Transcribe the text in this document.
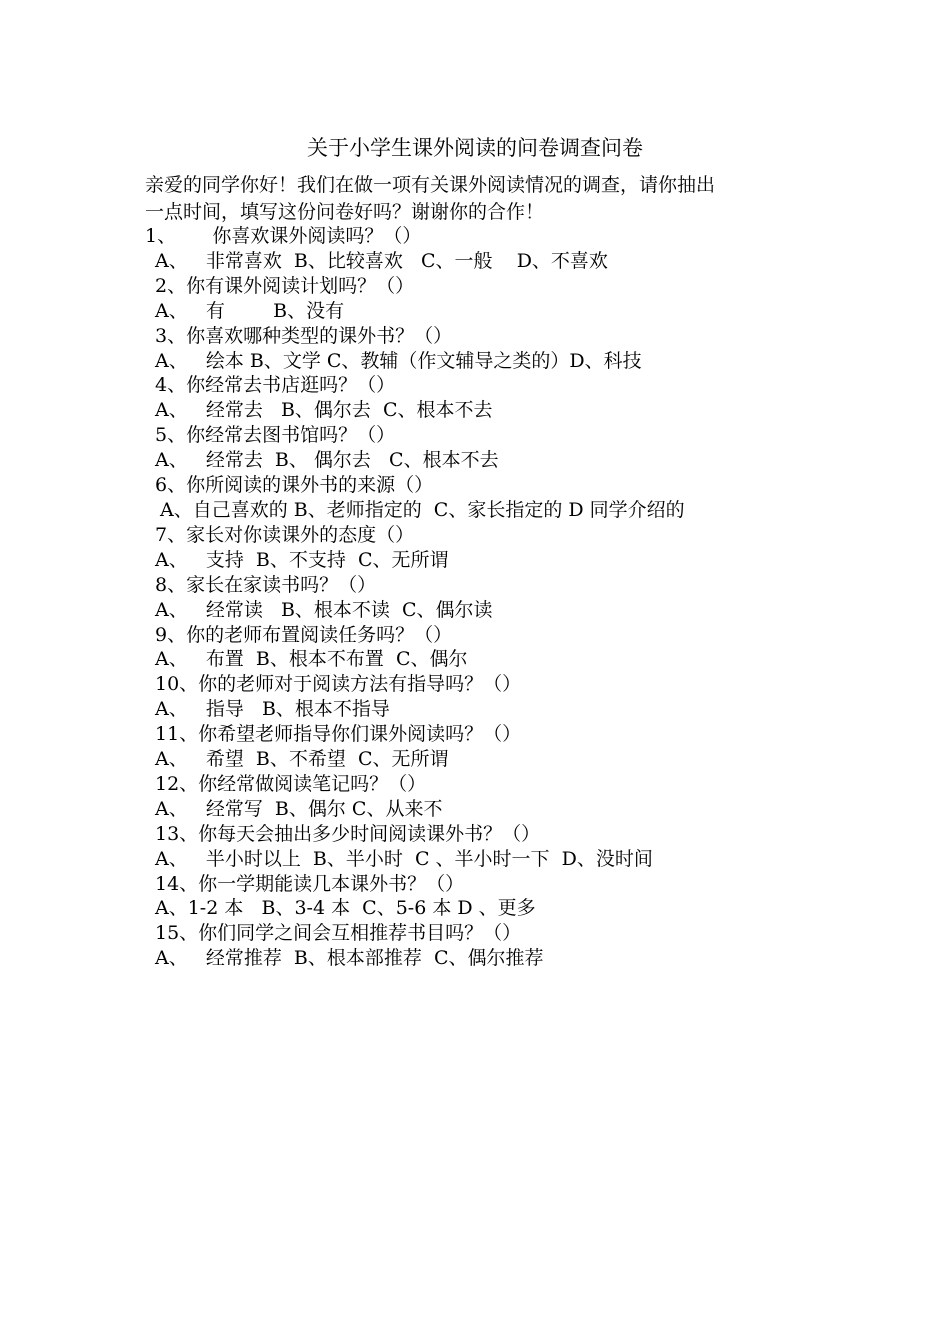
关于小学生课外阅读的问卷调查问卷
亲爱的同学你好！我们在做一项有关课外阅读情况的调查，请你抽出
一点时间，填写这份问卷好吗？谢谢你的合作！
1、      你喜欢课外阅读吗？（）
A、   非常喜欢  B、比较喜欢   C、一般    D、不喜欢
2、你有课外阅读计划吗？（）
A、   有        B、没有
3、你喜欢哪种类型的课外书？（）
A、   绘本 B、文学 C、教辅（作文辅导之类的）D、科技
4、你经常去书店逛吗？（）
A、   经常去   B、偶尔去  C、根本不去
5、你经常去图书馆吗？（）
A、   经常去  B、 偶尔去   C、根本不去
6、你所阅读的课外书的来源（）
A、自己喜欢的 B、老师指定的  C、家长指定的 D 同学介绍的
7、家长对你读课外的态度（）
A、   支持  B、不支持  C、无所谓
8、家长在家读书吗？（）
A、   经常读   B、根本不读  C、偶尔读
9、你的老师布置阅读任务吗？（）
A、   布置  B、根本不布置  C、偶尔
10、你的老师对于阅读方法有指导吗？（）
A、   指导   B、根本不指导
11、你希望老师指导你们课外阅读吗？（）
A、   希望  B、不希望  C、无所谓
12、你经常做阅读笔记吗？（）
A、   经常写  B、偶尔 C、从来不
13、你每天会抽出多少时间阅读课外书？（）
A、   半小时以上  B、半小时  C 、半小时一下  D、没时间
14、你一学期能读几本课外书？（）
A、1-2 本   B、3-4 本  C、5-6 本 D 、更多
15、你们同学之间会互相推荐书目吗？（）
A、   经常推荐  B、根本部推荐  C、偶尔推荐
